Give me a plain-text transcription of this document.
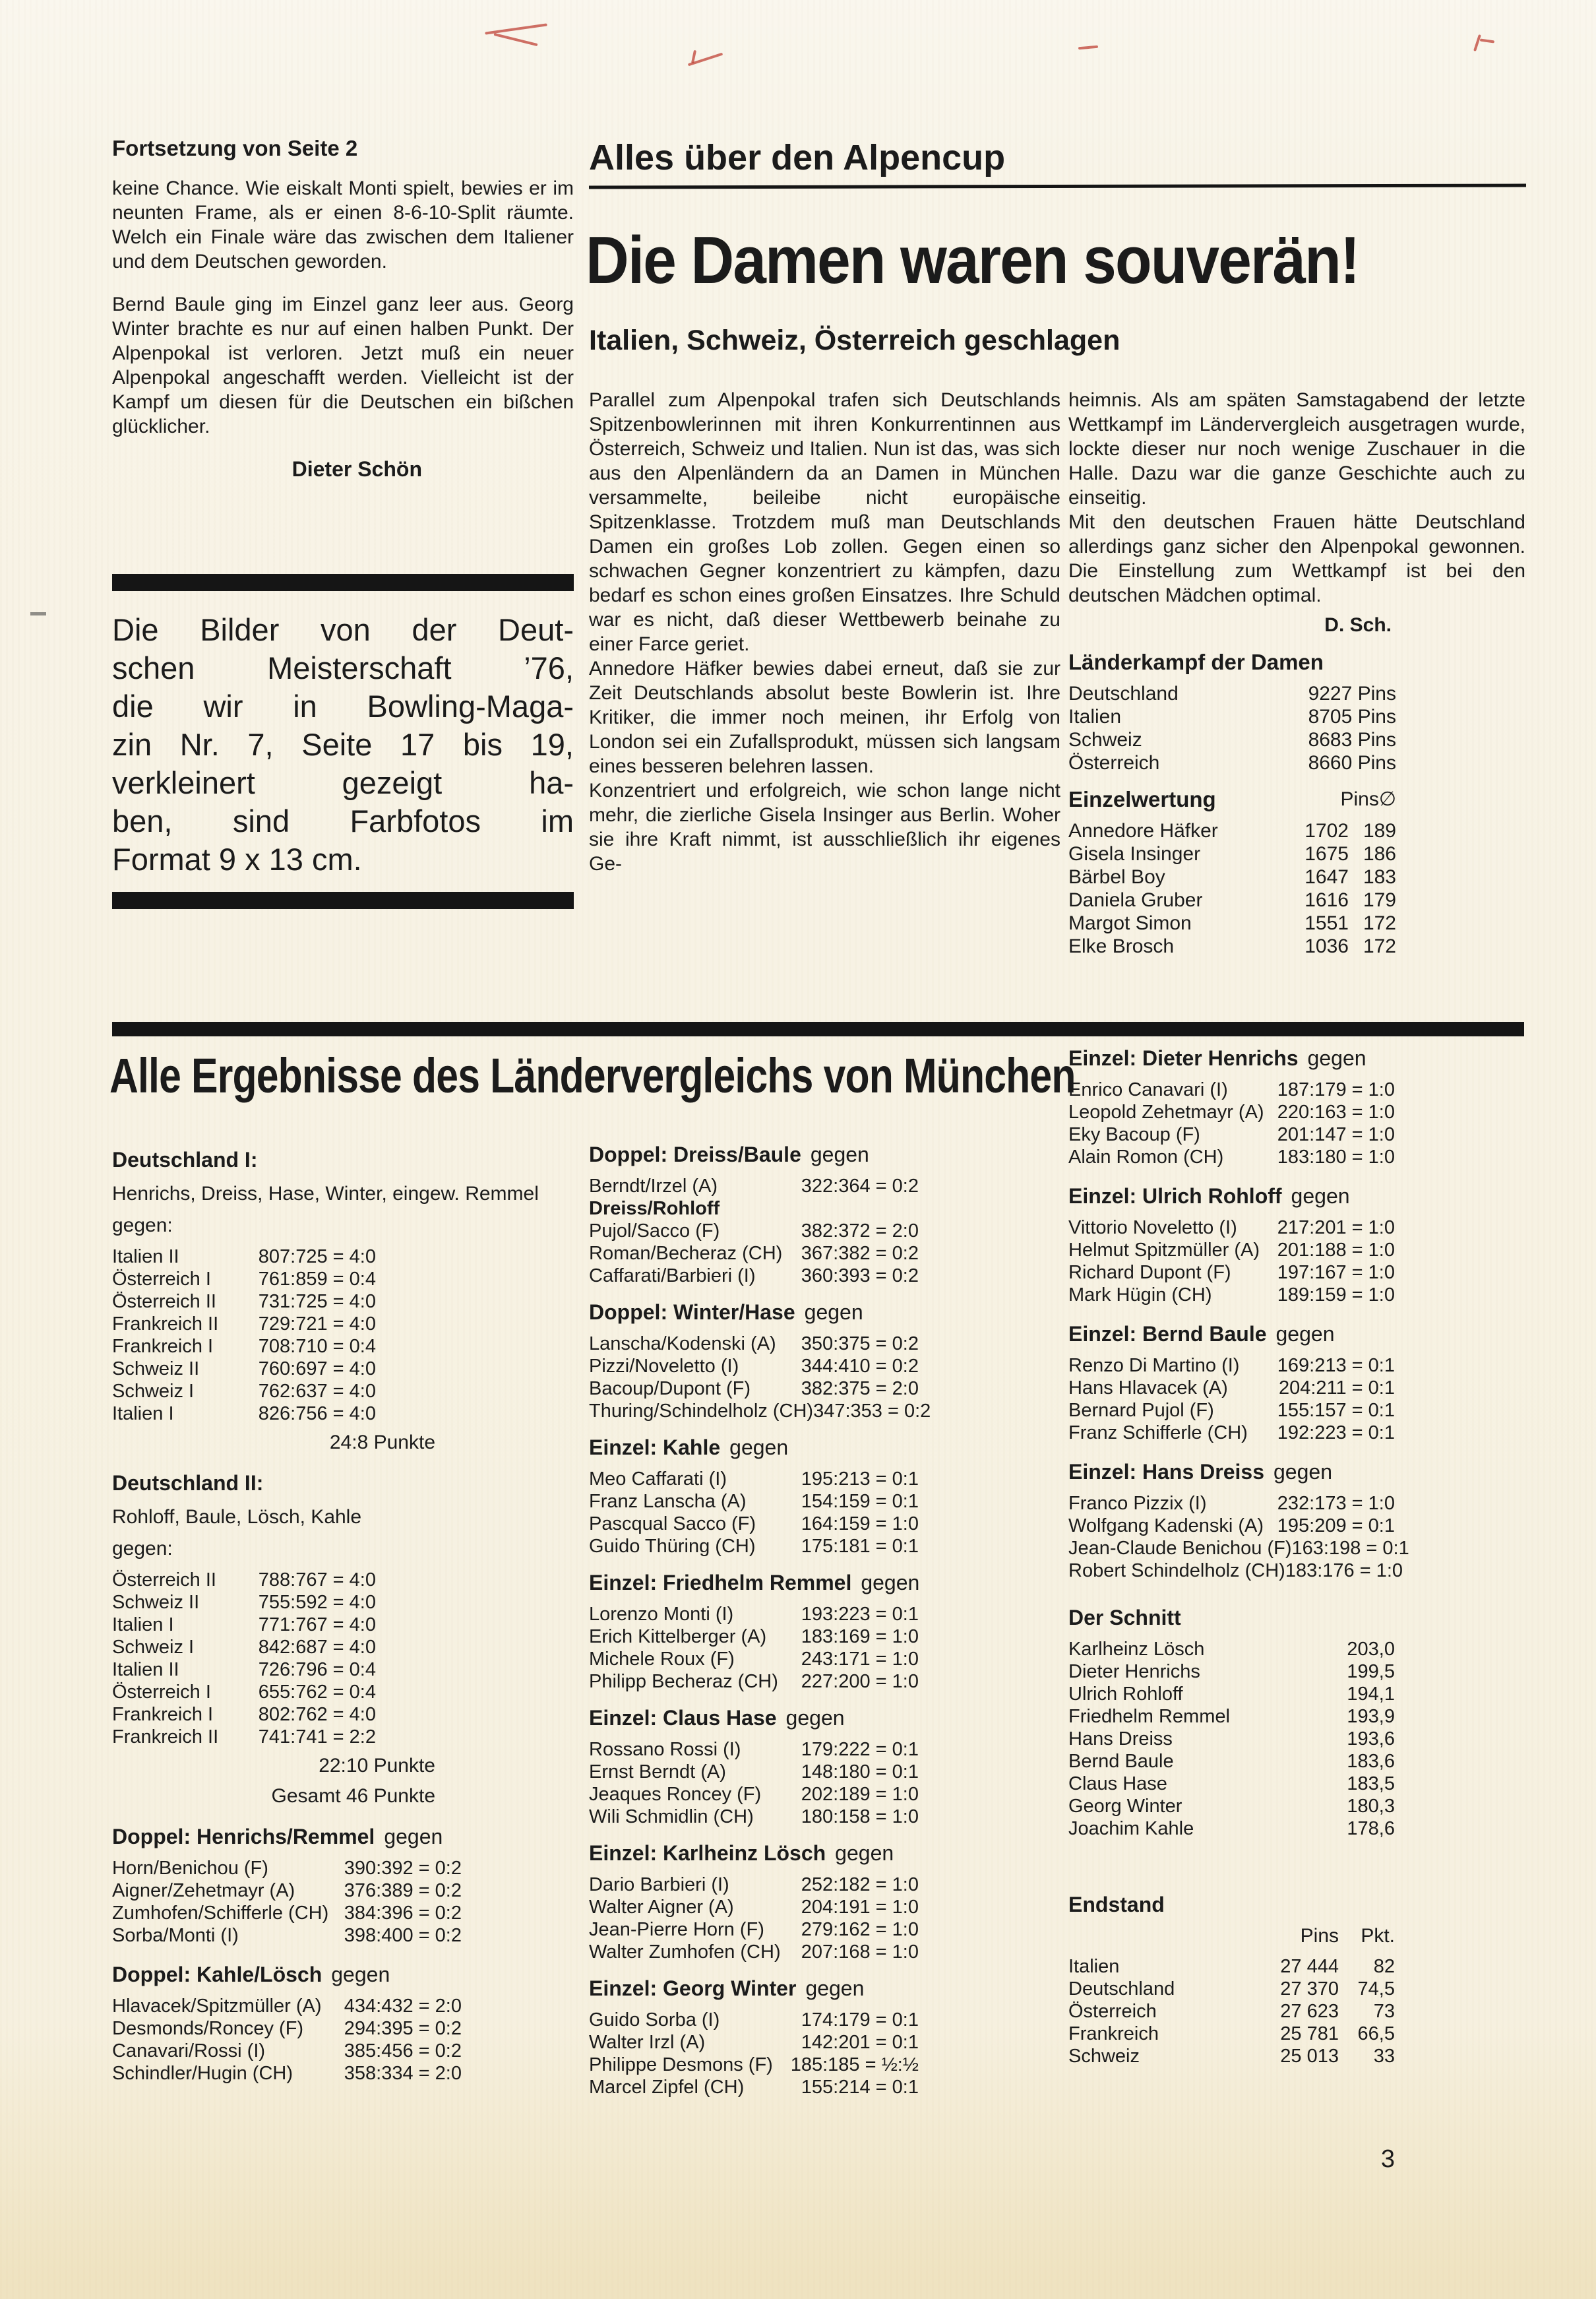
Fortsetzung von Seite 2

keine Chance. Wie eiskalt Monti spielt, bewies er im neunten Frame, als er einen 8-6-10-Split räumte. Welch ein Finale wäre das zwischen dem Italiener und dem Deutschen geworden.

Bernd Baule ging im Einzel ganz leer aus. Georg Winter brachte es nur auf einen halben Punkt. Der Alpenpokal ist verloren. Jetzt muß ein neuer Alpenpokal angeschafft werden. Vielleicht ist der Kampf um diesen für die Deutschen ein bißchen glücklicher.

Dieter Schön
Die Bilder von der Deut-
schen Meisterschaft ’76,
die wir in Bowling-Maga-
zin Nr. 7, Seite 17 bis 19,
verkleinert	gezeigt	ha-
ben, sind Farbfotos im
Format 9 x 13 cm.
Alles über den Alpencup
Die Damen waren souverän!
Italien, Schweiz, Österreich geschlagen

Parallel zum Alpenpokal trafen sich Deutschlands Spitzenbowlerinnen mit ihren Konkurrentinnen aus Österreich, Schweiz und Italien. Nun ist das, was sich aus den Alpenländern da an Damen in München versammelte, beileibe nicht europäische Spitzenklasse. Trotzdem muß man Deutschlands Damen ein großes Lob zollen. Gegen einen so schwachen Gegner konzentriert zu kämpfen, dazu bedarf es schon eines großen Einsatzes. Ihre Schuld war es nicht, daß dieser Wettbewerb beinahe zu einer Farce geriet.

Annedore Häfker bewies dabei erneut, daß sie zur Zeit Deutschlands absolut beste Bowlerin ist. Ihre Kritiker, die immer noch meinen, ihr Erfolg von London sei ein Zufallsprodukt, müssen sich langsam eines besseren belehren lassen.

Konzentriert und erfolgreich, wie schon lange nicht mehr, die zierliche Gisela Insinger aus Berlin. Woher sie ihre Kraft nimmt, ist ausschließlich ihr eigenes Ge-

heimnis. Als am späten Samstagabend der letzte Wettkampf im Ländervergleich ausgetragen wurde, lockte dieser nur noch wenige Zuschauer in die Halle. Dazu war die ganze Geschichte auch zu einseitig.

Mit den deutschen Frauen hätte Deutschland allerdings ganz sicher den Alpenpokal gewonnen. Die Einstellung zum Wettkampf ist bei den deutschen Mädchen optimal.

D. Sch.
Länderkampf der Damen
Deutschland	9227 Pins
Italien	8705 Pins
Schweiz	8683 Pins
Österreich	8660 Pins
Einzelwertung	Pins ∅
Annedore Häfker	1702 189
Gisela Insinger	1675 186
Bärbel Boy	1647 183
Daniela Gruber	1616 179
Margot Simon	1551 172
Elke Brosch	1036 172
Alle Ergebnisse des Ländervergleichs von München
Deutschland I:
Henrichs, Dreiss, Hase, Winter, eingew. Remmel
gegen:
Italien II	807:725 = 4:0
Österreich I 761:859 = 0:4
Österreich II 731:725 = 4:0
Frankreich II 729:721 = 4:0
Frankreich I 708:710 = 0:4
Schweiz II	760:697 = 4:0
Schweiz I	762:637 = 4:0
Italien I	826:756 = 4:0
24:8 Punkte
Deutschland II:
Rohloff, Baule, Lösch, Kahle
gegen:
Österreich II 788:767 = 4:0
Schweiz II	755:592 = 4:0
Italien I	771:767 = 4:0
Schweiz I	842:687 = 4:0
Italien II	726:796 = 0:4
Österreich I 655:762 = 0:4
Frankreich I 802:762 = 4:0
Frankreich II 741:741 = 2:2
22:10 Punkte
Gesamt 46 Punkte
Doppel: Henrichs/Remmel gegen
Horn/Benichou (F)	390:392 = 0:2
Aigner/Zehetmayr (A)	376:389 = 0:2
Zumhofen/Schifferle (CH) 384:396 = 0:2
Sorba/Monti (I)	398:400 = 0:2
Doppel: Kahle/Lösch gegen
Hlavacek/Spitzmüller (A) 434:432 = 2:0
Desmonds/Roncey (F) 294:395 = 0:2
Canavari/Rossi (I)	385:456 = 0:2
Schindler/Hugin (CH)	358:334 = 2:0
Doppel: Dreiss/Baule gegen
Berndt/Irzel (A)	322:364 = 0:2
Dreiss/Rohloff
Pujol/Sacco (F)	382:372 = 2:0
Roman/Becheraz (CH) 367:382 = 0:2
Caffarati/Barbieri (I) 360:393 = 0:2
Doppel: Winter/Hase gegen
Lanscha/Kodenski (A) 350:375 = 0:2
Pizzi/Noveletto (I)	344:410 = 0:2
Bacoup/Dupont (F)	382:375 = 2:0
Thuring/Schindelholz (CH) 347:353 = 0:2
Einzel: Kahle gegen
Meo Caffarati (I)	195:213 = 0:1
Franz Lanscha (A)	154:159 = 0:1
Pascqual Sacco (F) 164:159 = 1:0
Guido Thüring (CH) 175:181 = 0:1
Einzel: Friedhelm Remmel gegen
Lorenzo Monti (I)	193:223 = 0:1
Erich Kittelberger (A) 183:169 = 1:0
Michele Roux (F)	243:171 = 1:0
Philipp Becheraz (CH) 227:200 = 1:0
Einzel: Claus Hase gegen
Rossano Rossi (I)	179:222 = 0:1
Ernst Berndt (A)	148:180 = 0:1
Jeaques Roncey (F) 202:189 = 1:0
Wili Schmidlin (CH) 180:158 = 1:0
Einzel: Karlheinz Lösch gegen
Dario Barbieri (I)	252:182 = 1:0
Walter Aigner (A)	204:191 = 1:0
Jean-Pierre Horn (F) 279:162 = 1:0
Walter Zumhofen (CH) 207:168 = 1:0
Einzel: Georg Winter gegen
Guido Sorba (I)	174:179 = 0:1
Walter Irzl (A)	142:201 = 0:1
Philippe Desmons (F) 185:185 = ½:½
Marcel Zipfel (CH)	155:214 = 0:1
Einzel: Dieter Henrichs gegen
Enrico Canavari (I)	187:179 = 1:0
Leopold Zehetmayr (A) 220:163 = 1:0
Eky Bacoup (F)	201:147 = 1:0
Alain Romon (CH)	183:180 = 1:0
Einzel: Ulrich Rohloff gegen
Vittorio Noveletto (I) 217:201 = 1:0
Helmut Spitzmüller (A) 201:188 = 1:0
Richard Dupont (F) 197:167 = 1:0
Mark Hügin (CH)	189:159 = 1:0
Einzel: Bernd Baule gegen
Renzo Di Martino (I) 169:213 = 0:1
Hans Hlavacek (A)	204:211 = 0:1
Bernard Pujol (F)	155:157 = 0:1
Franz Schifferle (CH) 192:223 = 0:1
Einzel: Hans Dreiss gegen
Franco Pizzix (I)	232:173 = 1:0
Wolfgang Kadenski (A) 195:209 = 0:1
Jean-Claude Benichou (F) 163:198 = 0:1
Robert Schindelholz (CH) 183:176 = 1:0
Der Schnitt
Karlheinz Lösch	203,0
Dieter Henrichs	199,5
Ulrich Rohloff	194,1
Friedhelm Remmel	193,9
Hans Dreiss	193,6
Bernd Baule	183,6
Claus Hase	183,5
Georg Winter	180,3
Joachim Kahle	178,6
Endstand
Pins	Pkt.
Italien	27 444	82
Deutschland	27 370 74,5
Österreich	27 623	73
Frankreich	25 781 66,5
Schweiz	25 013	33
3
